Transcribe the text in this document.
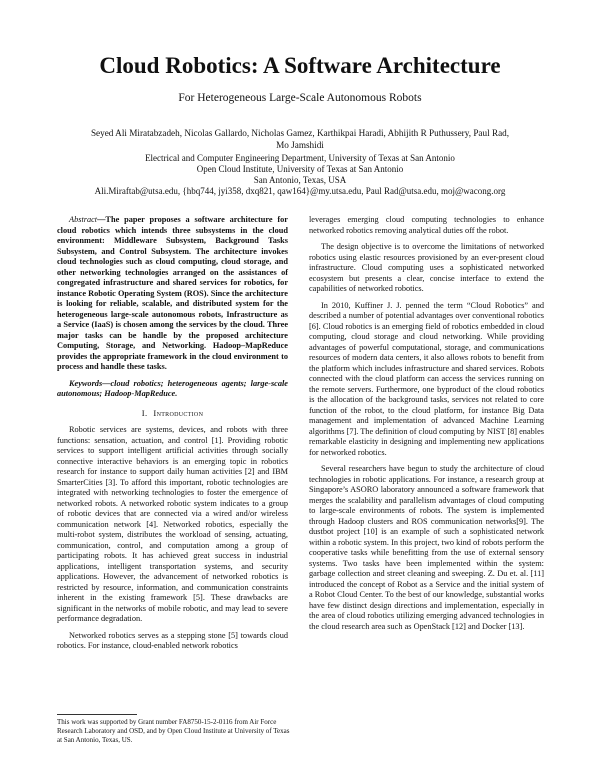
Cloud Robotics: A Software Architecture
For Heterogeneous Large-Scale Autonomous Robots
Seyed Ali Miratabzadeh, Nicolas Gallardo, Nicholas Gamez, Karthikpai Haradi, Abhijith R Puthussery, Paul Rad,
Mo Jamshidi
Electrical and Computer Engineering Department, University of Texas at San Antonio
Open Cloud Institute, University of Texas at San Antonio
San Antonio, Texas, USA
Ali.Miraftab@utsa.edu, {hbq744, jyi358, dxq821, qaw164}@my.utsa.edu, Paul Rad@utsa.edu, moj@wacong.org

Abstract—The paper proposes a software architecture for cloud robotics which intends three subsystems in the cloud environment: Middleware Subsystem, Background Tasks Subsystem, and Control Subsystem. The architecture invokes cloud technologies such as cloud computing, cloud storage, and other networking technologies arranged on the assistances of congregated infrastructure and shared services for robotics, for instance Robotic Operating System (ROS). Since the architecture is looking for reliable, scalable, and distributed system for the heterogeneous large-scale autonomous robots, Infrastructure as a Service (IaaS) is chosen among the services by the cloud. Three major tasks can be handle by the proposed architecture Computing, Storage, and Networking. Hadoop–MapReduce provides the appropriate framework in the cloud environment to process and handle these tasks.

Keywords—cloud robotics; heterogeneous agents; large-scale autonomous; Hadoop-MapReduce.

I. Introduction

Robotic services are systems, devices, and robots with three functions: sensation, actuation, and control [1]. Providing robotic services to support intelligent artificial activities through socially connective interactive behaviors is an emerging topic in robotics research for instance to support daily human activities [2] and IBM SmarterCities [3]. To afford this important, robotic technologies are integrated with networking technologies to foster the emergence of networked robots. A networked robotic system indicates to a group of robotic devices that are connected via a wired and/or wireless communication network [4]. Networked robotics, especially the multi-robot system, distributes the workload of sensing, actuating, communication, control, and computation among a group of participating robots. It has achieved great success in industrial applications, intelligent transportation systems, and security applications. However, the advancement of networked robotics is restricted by resource, information, and communication constraints inherent in the existing framework [5]. These drawbacks are significant in the networks of mobile robotic, and may lead to severe performance degradation.

Networked robotics serves as a stepping stone [5] towards cloud robotics. For instance, cloud-enabled network robotics

leverages emerging cloud computing technologies to enhance networked robotics removing analytical duties off the robot.

The design objective is to overcome the limitations of networked robotics using elastic resources provisioned by an ever-present cloud infrastructure. Cloud computing uses a sophisticated networked ecosystem but presents a clear, concise interface to extend the capabilities of networked robotics.

In 2010, Kuffiner J. J. penned the term “Cloud Robotics” and described a number of potential advantages over conventional robotics [6]. Cloud robotics is an emerging field of robotics embedded in cloud computing, cloud storage and cloud networking. While providing advantages of powerful computational, storage, and communications resources of modern data centers, it also allows robots to benefit from the platform which includes infrastructure and shared services. Robots connected with the cloud platform can access the services running on the remote servers. Furthermore, one byproduct of the cloud robotics is the allocation of the background tasks, services not related to core function of the robot, to the cloud platform, for instance Big Data management and implementation of advanced Machine Learning algorithms [7]. The definition of cloud computing by NIST [8] enables remarkable elasticity in designing and implementing new applications for networked robotics.

Several researchers have begun to study the architecture of cloud technologies in robotic applications. For instance, a research group at Singapore’s ASORO laboratory announced a software framework that merges the scalability and parallelism advantages of cloud computing to large-scale environments of robots. The system is implemented through Hadoop clusters and ROS communication networks[9]. The dustbot project [10] is an example of such a sophisticated network within a robotic system. In this project, two kind of robots perform the cooperative tasks while benefitting from the use of external sensory systems. Two tasks have been implemented within the system: garbage collection and street cleaning and sweeping. Z. Du et. al. [11] introduced the concept of Robot as a Service and the initial system of a Robot Cloud Center. To the best of our knowledge, substantial works have few distinct design directions and implementation, especially in the area of cloud robotics utilizing emerging advanced technologies in the cloud research area such as OpenStack [12] and Docker [13].

This work was supported by Grant number FA8750-15-2-0116 from Air Force Research Laboratory and OSD, and by Open Cloud Institute at University of Texas at San Antonio, Texas, US.
